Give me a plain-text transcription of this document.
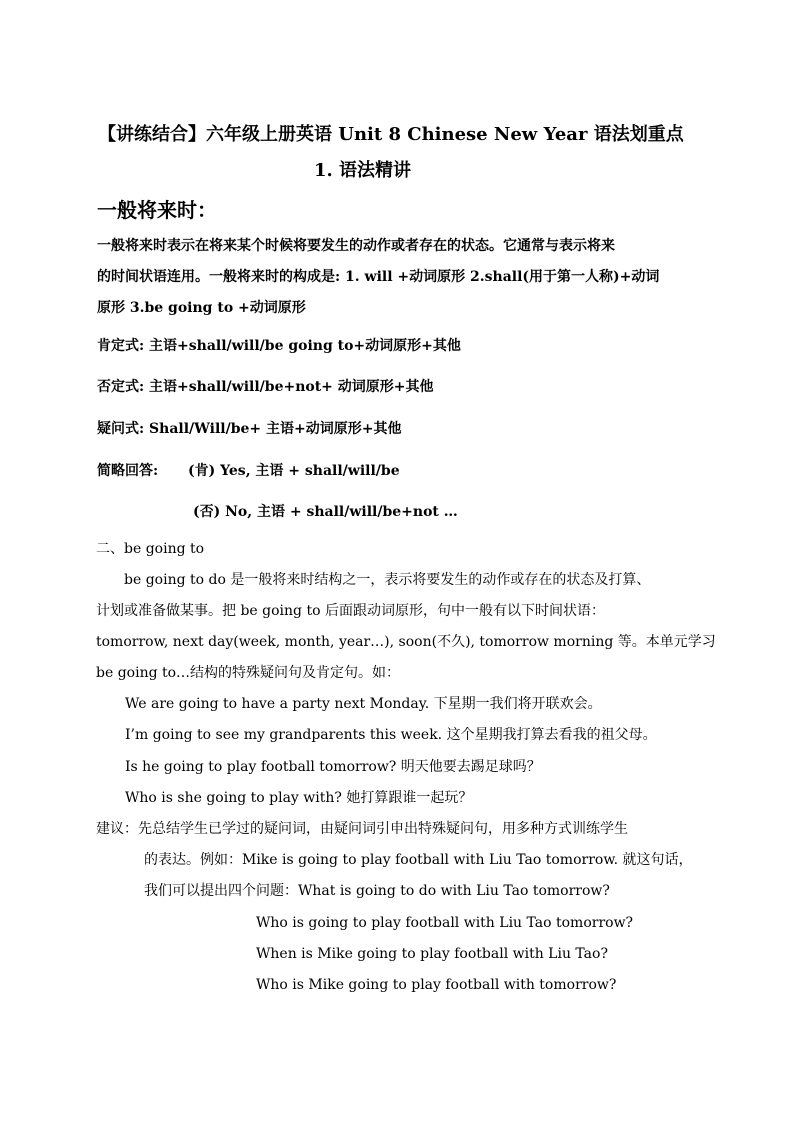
【讲练结合】六年级上册英语 Unit 8 Chinese New Year 语法划重点
1. 语法精讲
一般将来时：
一般将来时表示在将来某个时候将要发生的动作或者存在的状态。它通常与表示将来
的时间状语连用。一般将来时的构成是: 1. will +动词原形 2.shall(用于第一人称)+动词
原形 3.be going to +动词原形
肯定式: 主语+shall/will/be going to+动词原形+其他
否定式: 主语+shall/will/be+not+ 动词原形+其他
疑问式: Shall/Will/be+ 主语+动词原形+其他
简略回答: (肯) Yes, 主语 + shall/will/be
(否) No, 主语 + shall/will/be+not …
二、be going to
be going to do 是一般将来时结构之一，表示将要发生的动作或存在的状态及打算、
计划或准备做某事。把 be going to 后面跟动词原形，句中一般有以下时间状语：
tomorrow, next day(week, month, year…), soon(不久), tomorrow morning 等。本单元学习
be going to…结构的特殊疑问句及肯定句。如：
We are going to have a party next Monday. 下星期一我们将开联欢会。
I’m going to see my grandparents this week. 这个星期我打算去看我的祖父母。
Is he going to play football tomorrow? 明天他要去踢足球吗？
Who is she going to play with? 她打算跟谁一起玩？
建议：先总结学生已学过的疑问词，由疑问词引申出特殊疑问句，用多种方式训练学生
的表达。例如：Mike is going to play football with Liu Tao tomorrow. 就这句话，
我们可以提出四个问题：What is going to do with Liu Tao tomorrow?
Who is going to play football with Liu Tao tomorrow?
When is Mike going to play football with Liu Tao?
Who is Mike going to play football with tomorrow?
